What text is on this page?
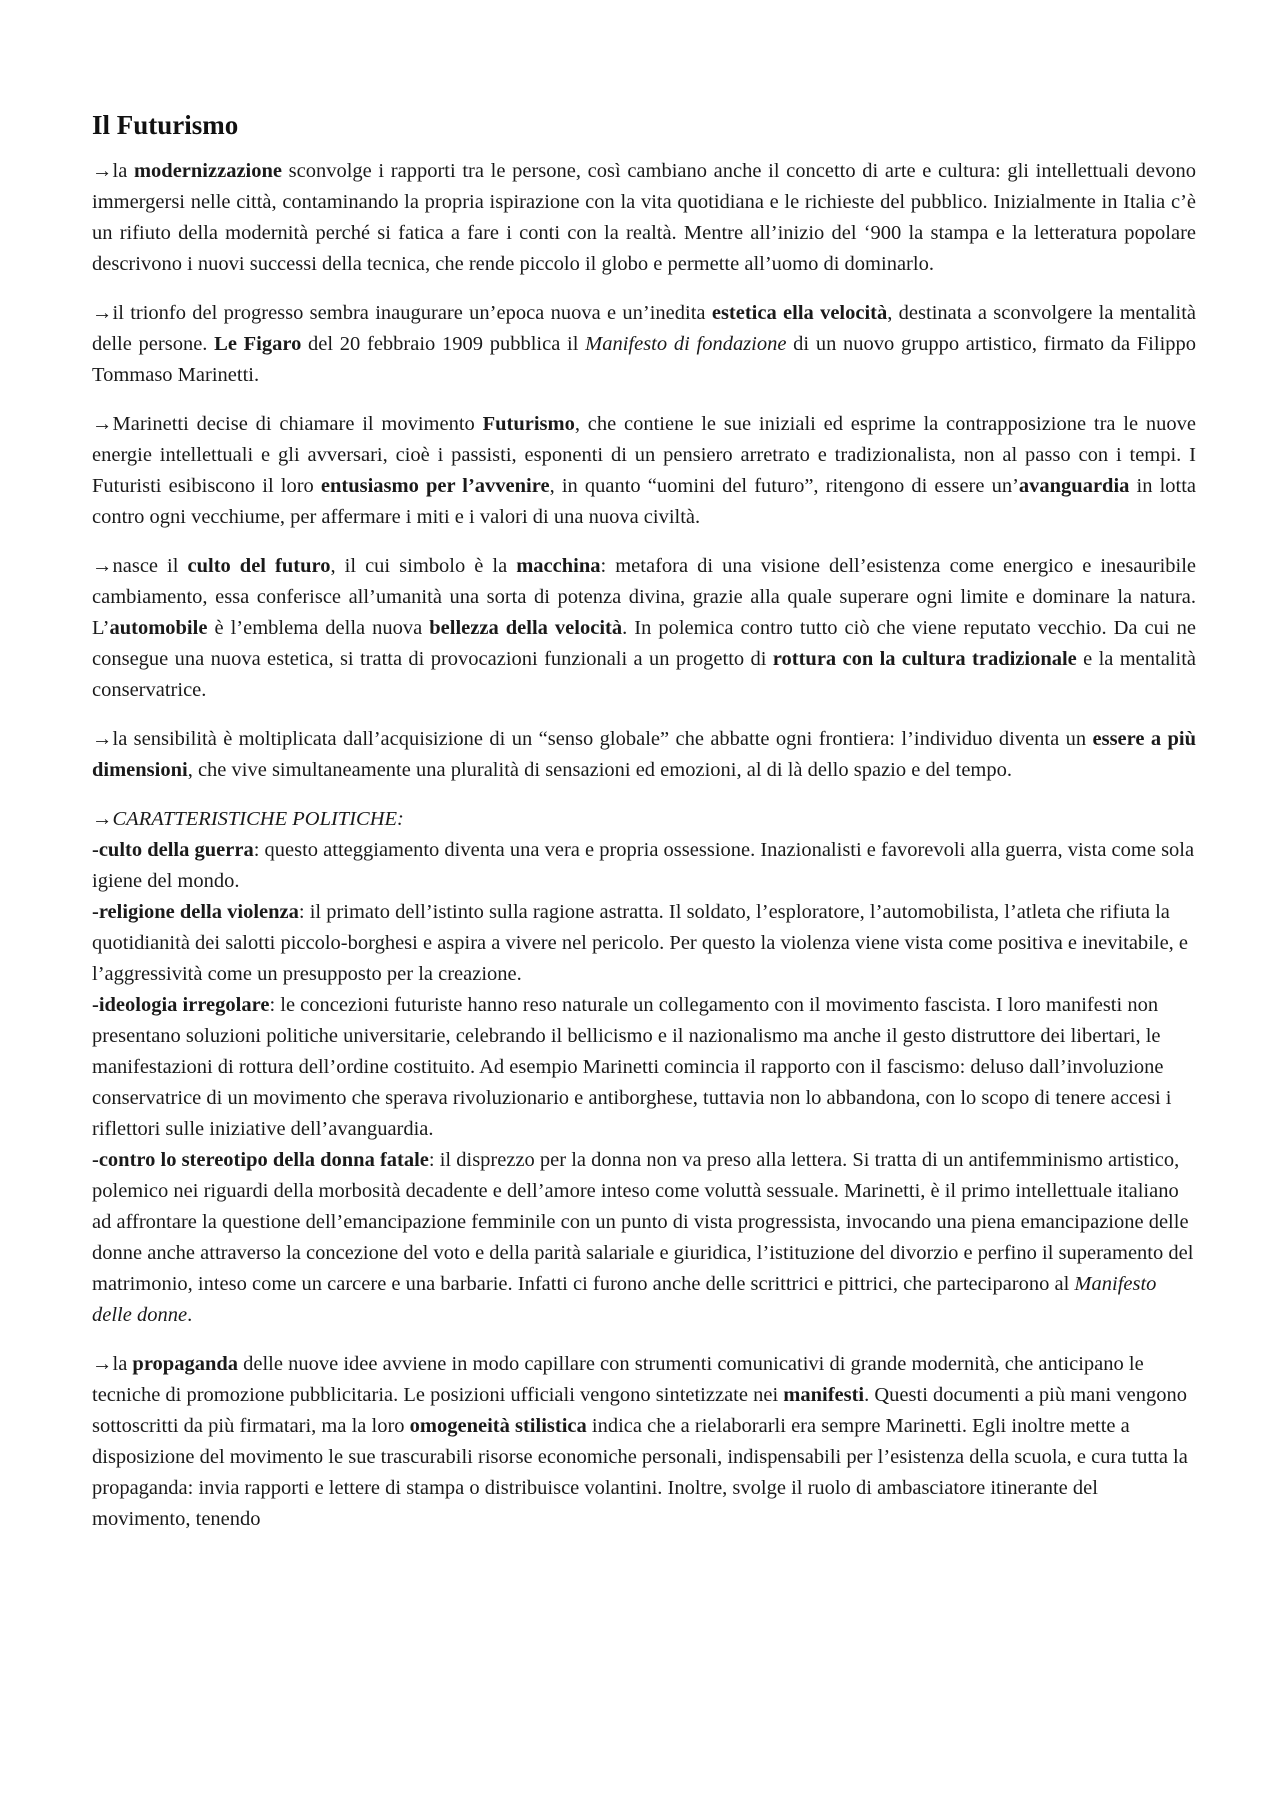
Il Futurismo

→la modernizzazione sconvolge i rapporti tra le persone, così cambiano anche il concetto di arte e cultura: gli intellettuali devono immergersi nelle città, contaminando la propria ispirazione con la vita quotidiana e le richieste del pubblico. Inizialmente in Italia c’è un rifiuto della modernità perché si fatica a fare i conti con la realtà. Mentre all’inizio del ‘900 la stampa e la letteratura popolare descrivono i nuovi successi della tecnica, che rende piccolo il globo e permette all’uomo di dominarlo.

→il trionfo del progresso sembra inaugurare un’epoca nuova e un’inedita estetica ella velocità, destinata a sconvolgere la mentalità delle persone. Le Figaro del 20 febbraio 1909 pubblica il Manifesto di fondazione di un nuovo gruppo artistico, firmato da Filippo Tommaso Marinetti.

→Marinetti decise di chiamare il movimento Futurismo, che contiene le sue iniziali ed esprime la contrapposizione tra le nuove energie intellettuali e gli avversari, cioè i passisti, esponenti di un pensiero arretrato e tradizionalista, non al passo con i tempi. I Futuristi esibiscono il loro entusiasmo per l’avvenire, in quanto “uomini del futuro”, ritengono di essere un’avanguardia in lotta contro ogni vecchiume, per affermare i miti e i valori di una nuova civiltà.

→nasce il culto del futuro, il cui simbolo è la macchina: metafora di una visione dell’esistenza come energico e inesauribile cambiamento, essa conferisce all’umanità una sorta di potenza divina, grazie alla quale superare ogni limite e dominare la natura. L’automobile è l’emblema della nuova bellezza della velocità. In polemica contro tutto ciò che viene reputato vecchio. Da cui ne consegue una nuova estetica, si tratta di provocazioni funzionali a un progetto di rottura con la cultura tradizionale e la mentalità conservatrice.

→la sensibilità è moltiplicata dall’acquisizione di un “senso globale” che abbatte ogni frontiera: l’individuo diventa un essere a più dimensioni, che vive simultaneamente una pluralità di sensazioni ed emozioni, al di là dello spazio e del tempo.

→CARATTERISTICHE POLITICHE:

-culto della guerra: questo atteggiamento diventa una vera e propria ossessione. Inazionalisti e favorevoli alla guerra, vista come sola igiene del mondo.

-religione della violenza: il primato dell’istinto sulla ragione astratta. Il soldato, l’esploratore, l’automobilista, l’atleta che rifiuta la quotidianità dei salotti piccolo-borghesi e aspira a vivere nel pericolo. Per questo la violenza viene vista come positiva e inevitabile, e l’aggressività come un presupposto per la creazione.

-ideologia irregolare: le concezioni futuriste hanno reso naturale un collegamento con il movimento fascista. I loro manifesti non presentano soluzioni politiche universitarie, celebrando il bellicismo e il nazionalismo ma anche il gesto distruttore dei libertari, le manifestazioni di rottura dell’ordine costituito. Ad esempio Marinetti comincia il rapporto con il fascismo: deluso dall’involuzione conservatrice di un movimento che sperava rivoluzionario e antiborghese, tuttavia non lo abbandona, con lo scopo di tenere accesi i riflettori sulle iniziative dell’avanguardia.

-contro lo stereotipo della donna fatale: il disprezzo per la donna non va preso alla lettera. Si tratta di un antifemminismo artistico, polemico nei riguardi della morbosità decadente e dell’amore inteso come voluttà sessuale. Marinetti, è il primo intellettuale italiano ad affrontare la questione dell’emancipazione femminile con un punto di vista progressista, invocando una piena emancipazione delle donne anche attraverso la concezione del voto e della parità salariale e giuridica, l’istituzione del divorzio e perfino il superamento del matrimonio, inteso come un carcere e una barbarie. Infatti ci furono anche delle scrittrici e pittrici, che parteciparono al Manifesto delle donne.

→la propaganda delle nuove idee avviene in modo capillare con strumenti comunicativi di grande modernità, che anticipano le tecniche di promozione pubblicitaria. Le posizioni ufficiali vengono sintetizzate nei manifesti. Questi documenti a più mani vengono sottoscritti da più firmatari, ma la loro omogeneità stilistica indica che a rielaborarli era sempre Marinetti. Egli inoltre mette a disposizione del movimento le sue trascurabili risorse economiche personali, indispensabili per l’esistenza della scuola, e cura tutta la propaganda: invia rapporti e lettere di stampa o distribuisce volantini. Inoltre, svolge il ruolo di ambasciatore itinerante del movimento, tenendo
